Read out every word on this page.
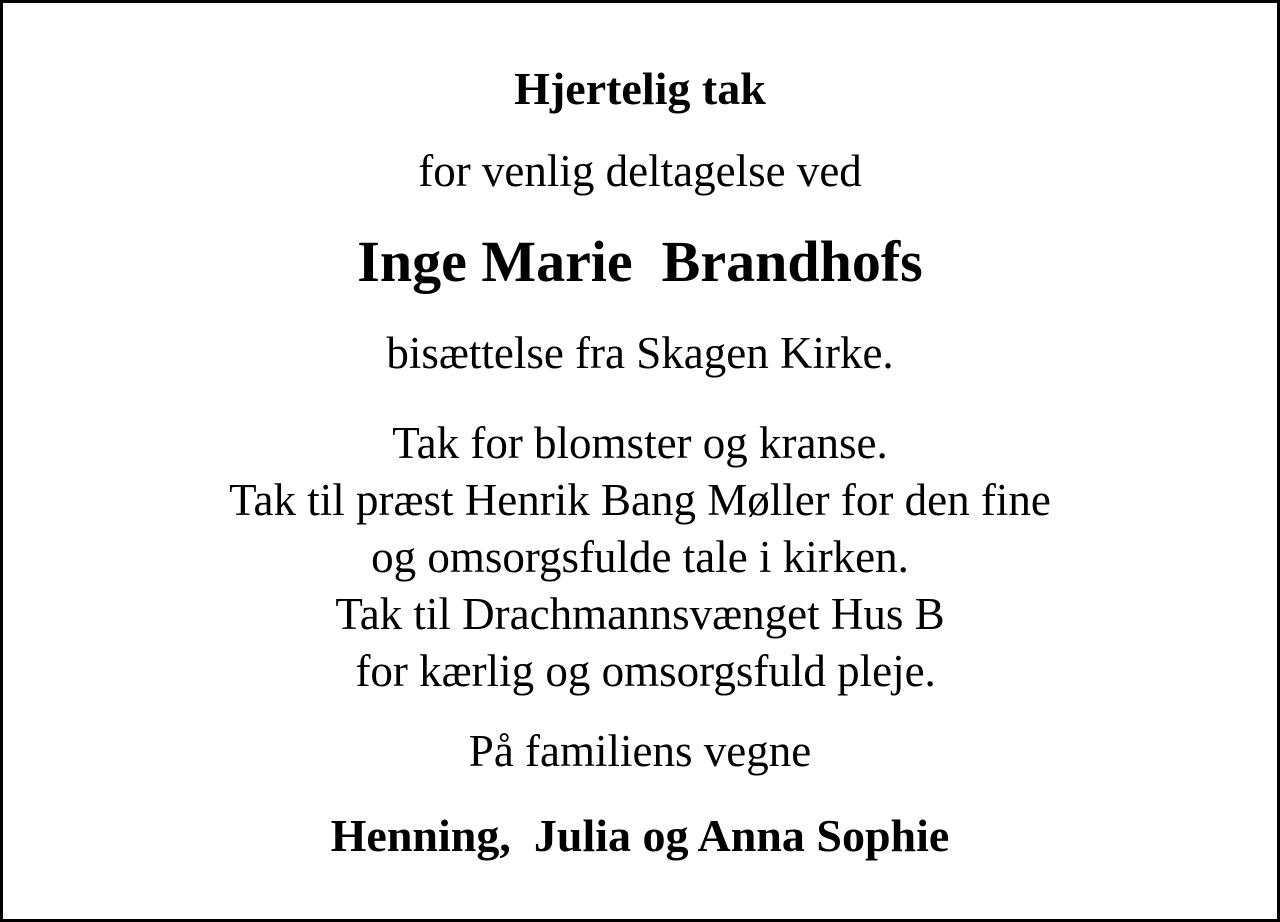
Hjertelig tak
for venlig deltagelse ved
Inge Marie  Brandhofs
bisættelse fra Skagen Kirke.
Tak for blomster og kranse.
Tak til præst Henrik Bang Møller for den fine
og omsorgsfulde tale i kirken.
Tak til Drachmannsvænget Hus B
for kærlig og omsorgsfuld pleje.
På familiens vegne
Henning,  Julia og Anna Sophie
